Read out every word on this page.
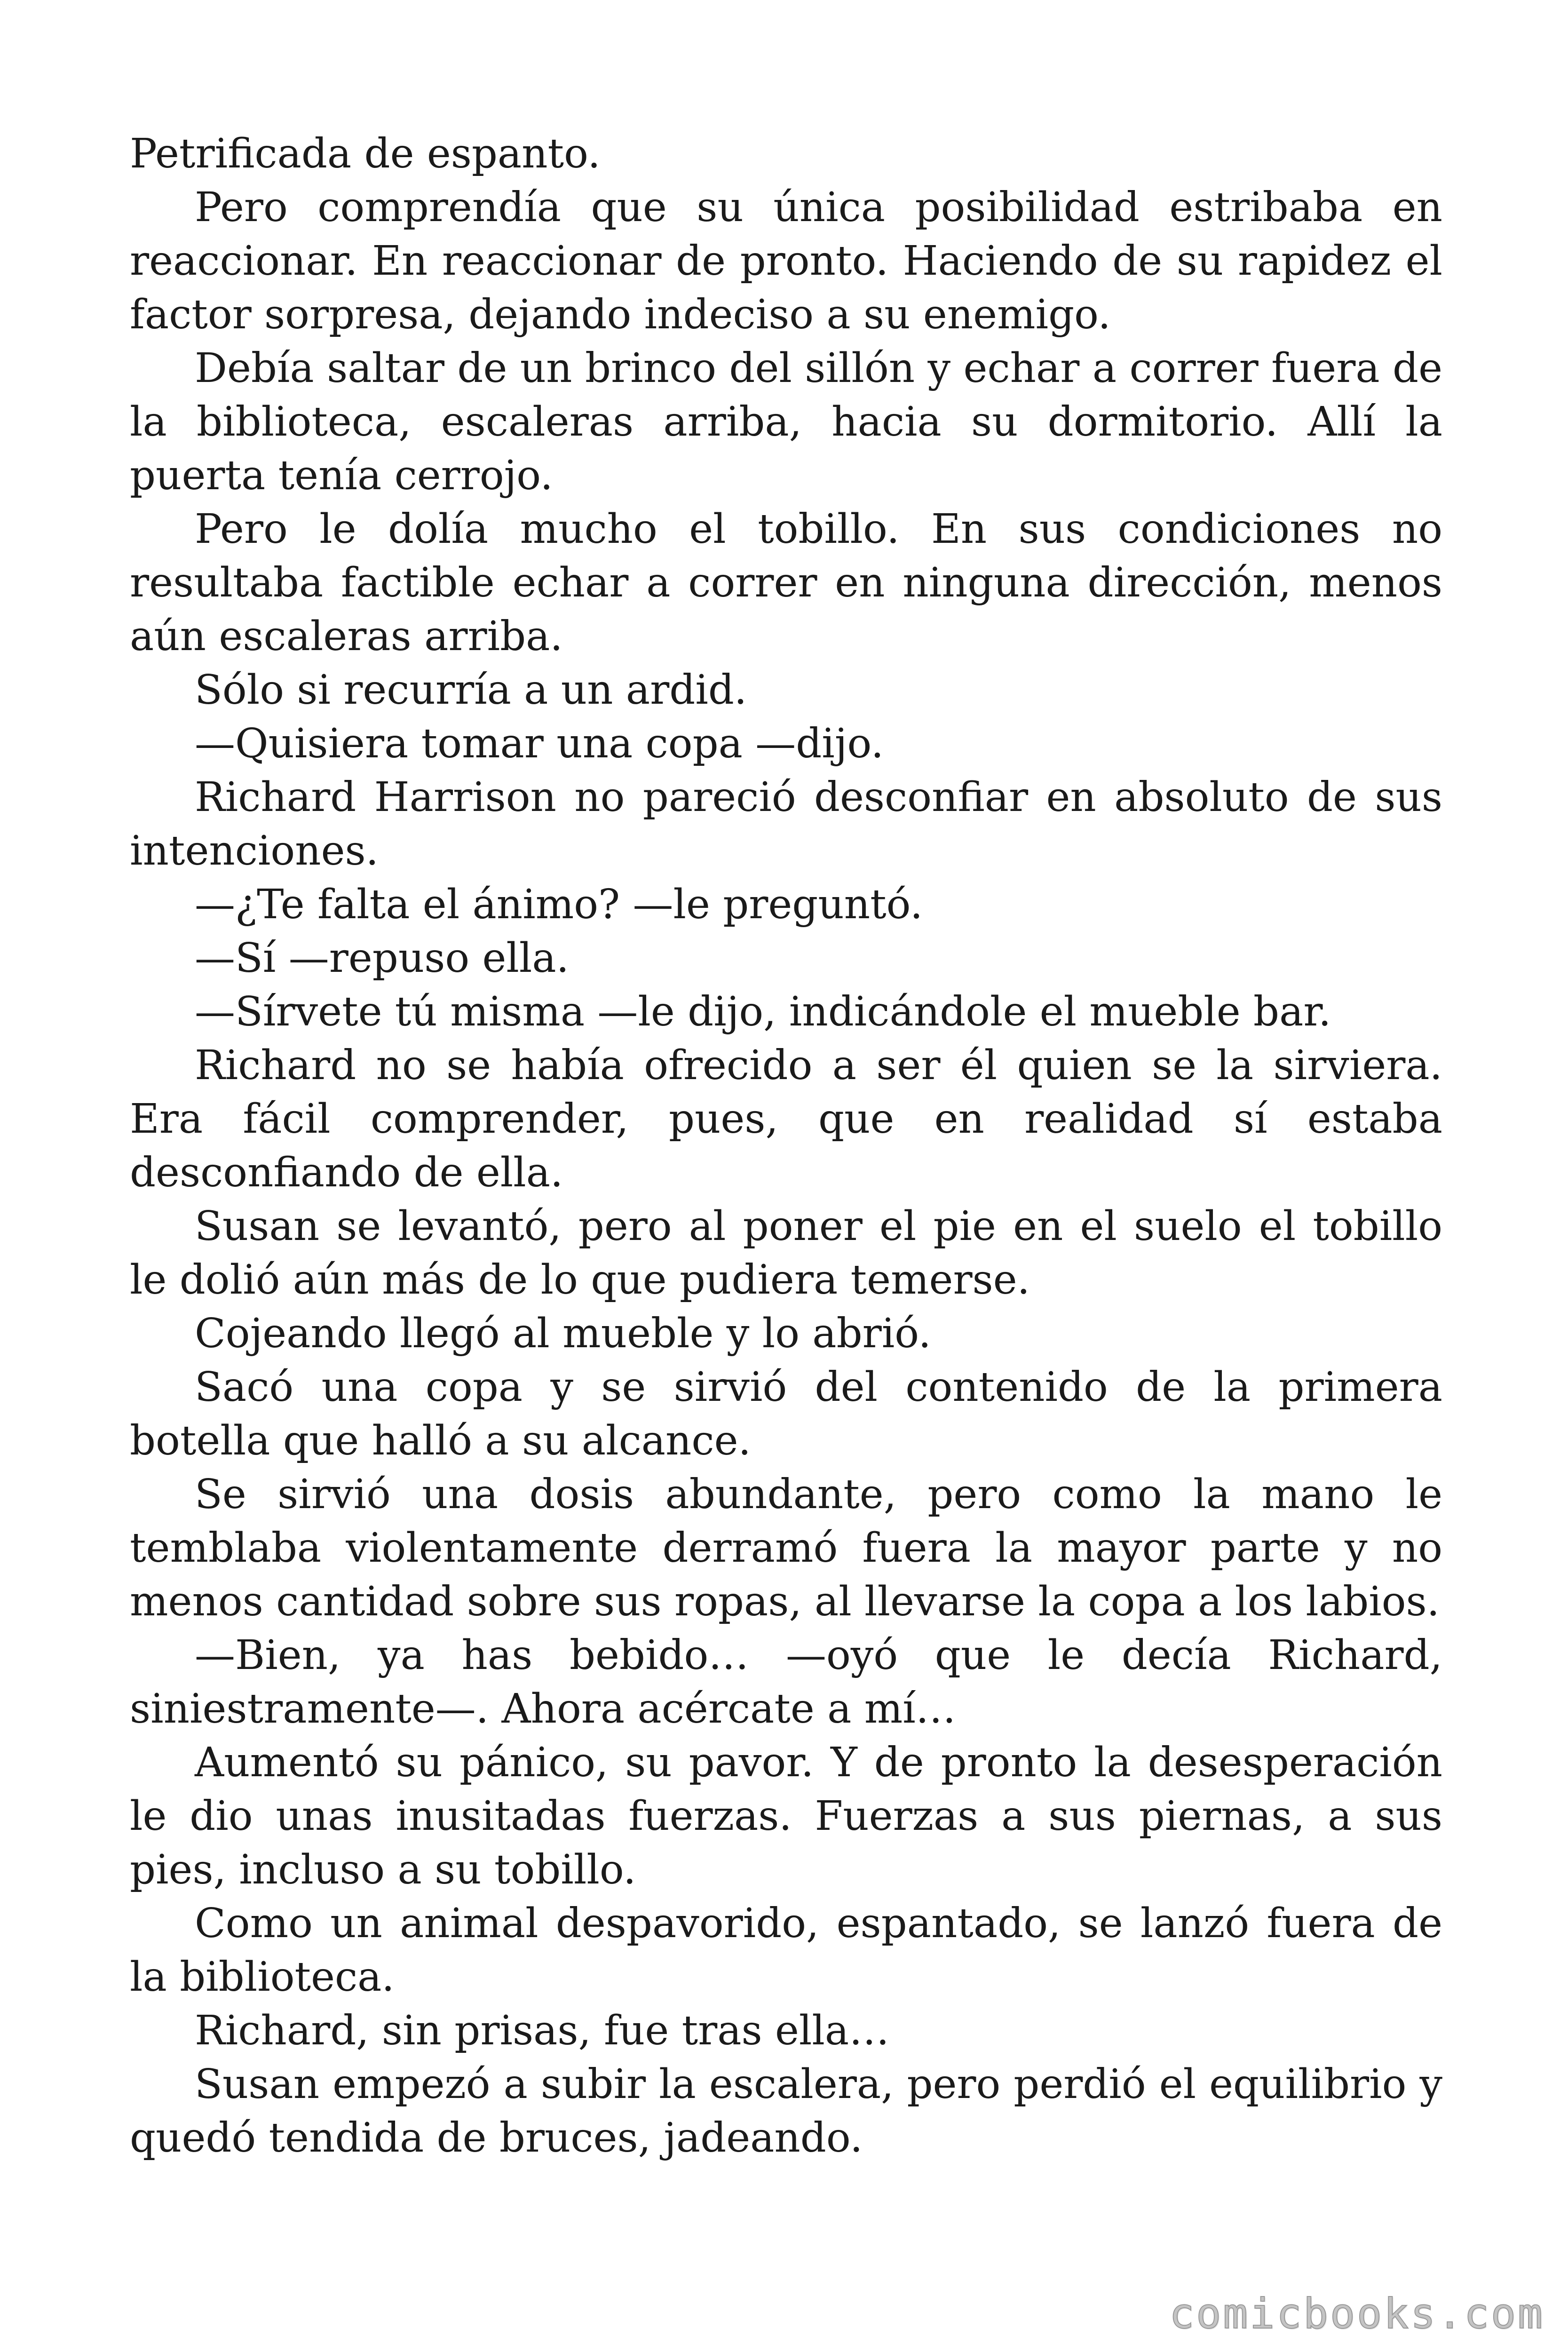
Petrificada de espanto.

Pero comprendía que su única posibilidad estribaba en reaccionar. En reaccionar de pronto. Haciendo de su rapidez el factor sorpresa, dejando indeciso a su enemigo.

Debía saltar de un brinco del sillón y echar a correr fuera de la biblioteca, escaleras arriba, hacia su dormitorio. Allí la puerta tenía cerrojo.

Pero le dolía mucho el tobillo. En sus condiciones no resultaba factible echar a correr en ninguna dirección, menos aún escaleras arriba.

Sólo si recurría a un ardid.

—Quisiera tomar una copa —dijo.

Richard Harrison no pareció desconfiar en absoluto de sus intenciones.

—¿Te falta el ánimo? —le preguntó.

—Sí —repuso ella.

—Sírvete tú misma —le dijo, indicándole el mueble bar.

Richard no se había ofrecido a ser él quien se la sirviera. Era fácil comprender, pues, que en realidad sí estaba desconfiando de ella.

Susan se levantó, pero al poner el pie en el suelo el tobillo le dolió aún más de lo que pudiera temerse.

Cojeando llegó al mueble y lo abrió.

Sacó una copa y se sirvió del contenido de la primera botella que halló a su alcance.

Se sirvió una dosis abundante, pero como la mano le temblaba violentamente derramó fuera la mayor parte y no menos cantidad sobre sus ropas, al llevarse la copa a los labios.

—Bien, ya has bebido… —oyó que le decía Richard, siniestramente—. Ahora acércate a mí…

Aumentó su pánico, su pavor. Y de pronto la desesperación le dio unas inusitadas fuerzas. Fuerzas a sus piernas, a sus pies, incluso a su tobillo.

Como un animal despavorido, espantado, se lanzó fuera de la biblioteca.

Richard, sin prisas, fue tras ella…

Susan empezó a subir la escalera, pero perdió el equilibrio y quedó tendida de bruces, jadeando.

comicbooks.com
